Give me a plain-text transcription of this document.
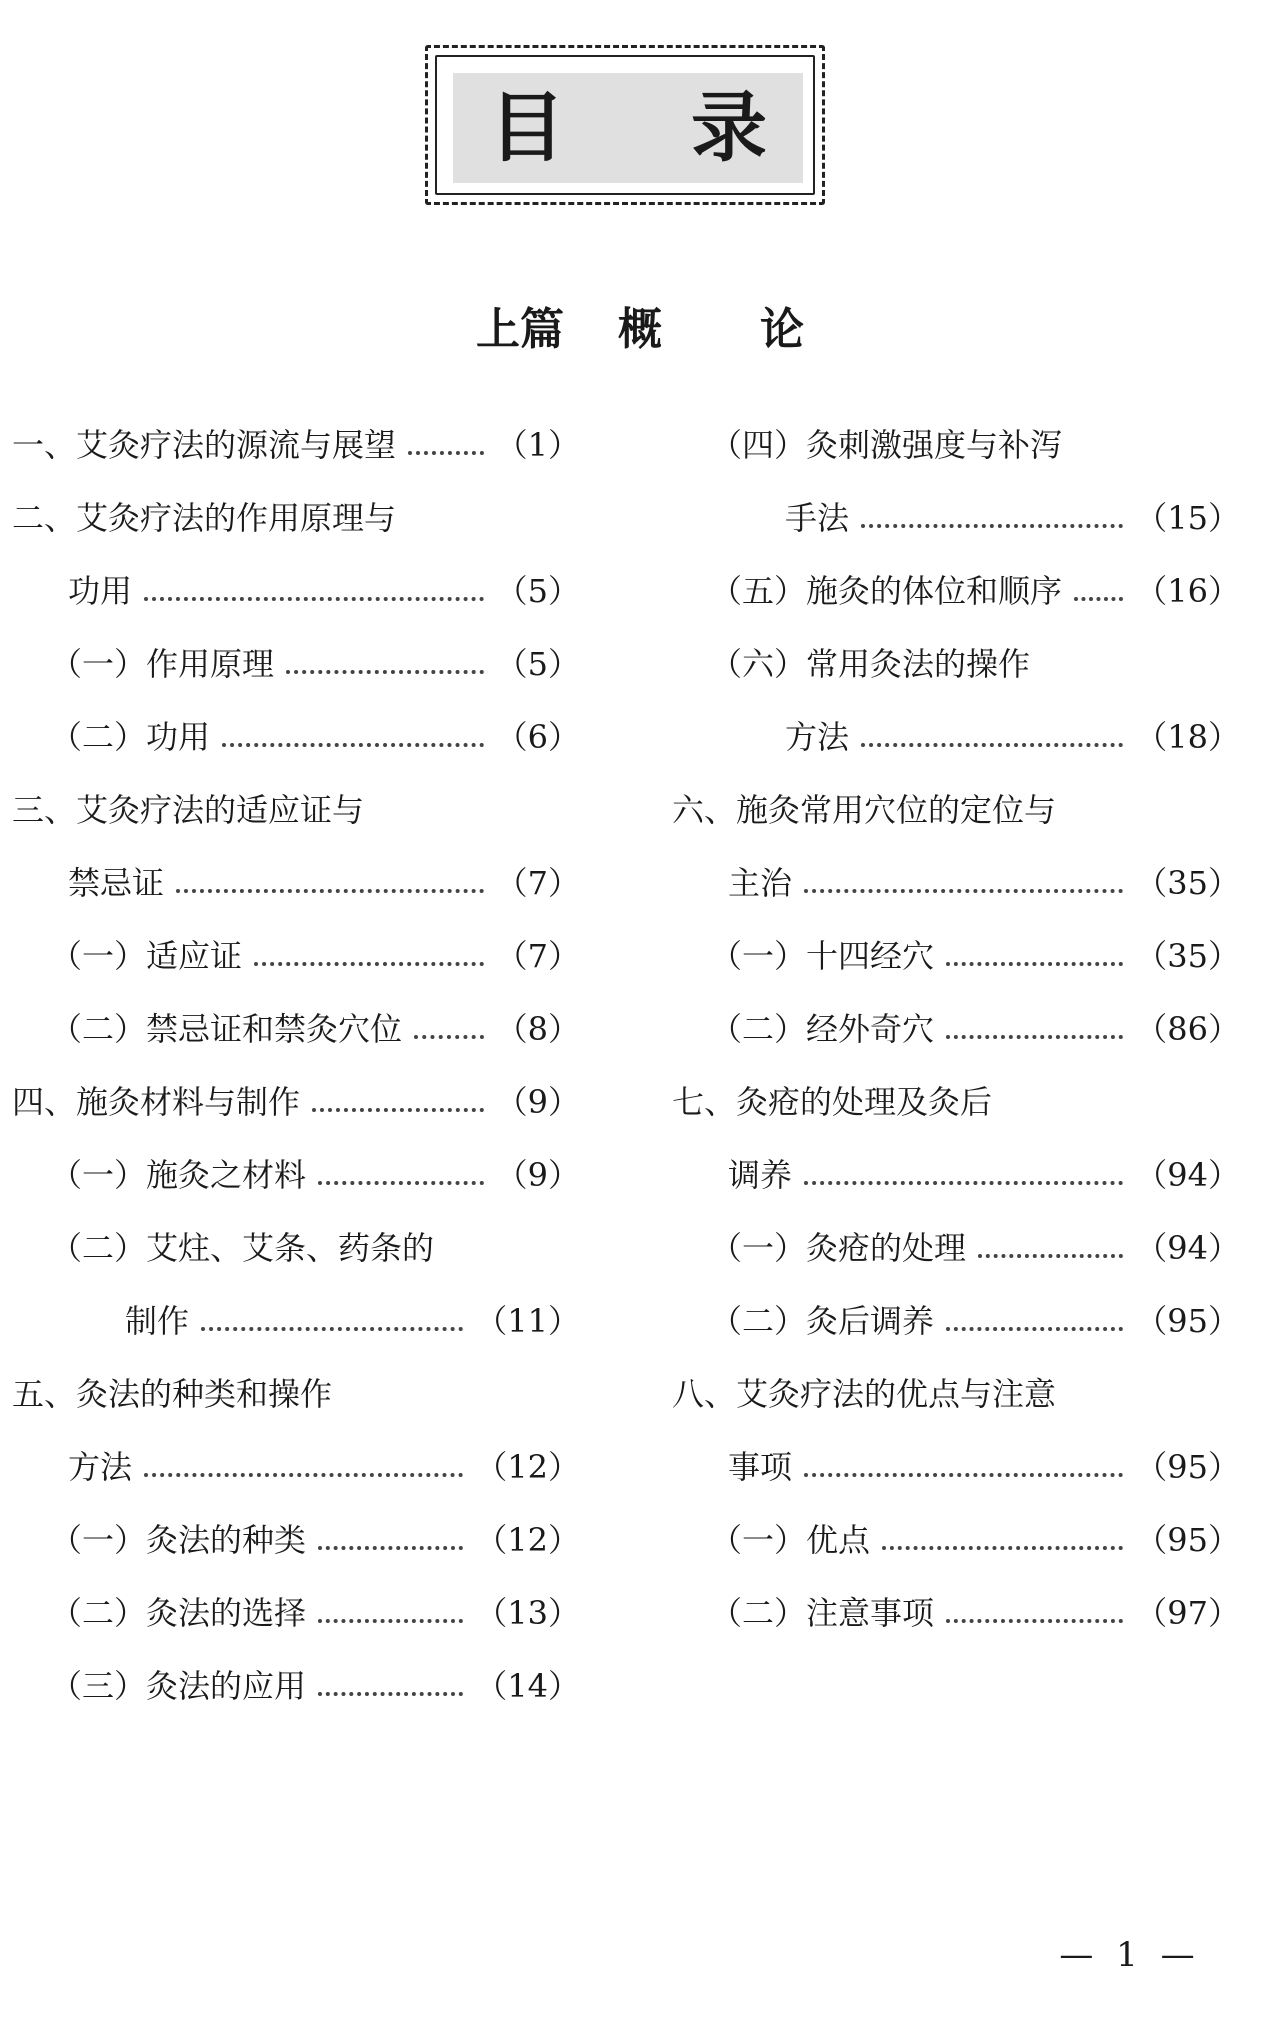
目 录
上篇 概 论
一、艾灸疗法的源流与展望	（1）
二、艾灸疗法的作用原理与
功用	（5）
（一）作用原理	（5）
（二）功用	（6）
三、艾灸疗法的适应证与
禁忌证	（7）
（一）适应证	（7）
（二）禁忌证和禁灸穴位	（8）
四、施灸材料与制作	（9）
（一）施灸之材料	（9）
（二）艾炷、艾条、药条的
制作	（11）
五、灸法的种类和操作
方法	（12）
（一）灸法的种类	（12）
（二）灸法的选择	（13）
（三）灸法的应用	（14）
（四）灸刺激强度与补泻
手法	（15）
（五）施灸的体位和顺序 （16）
（六）常用灸法的操作
方法	（18）
六、施灸常用穴位的定位与
主治	（35）
（一）十四经穴	（35）
（二）经外奇穴	（86）
七、灸疮的处理及灸后
调养	（94）
（一）灸疮的处理	（94）
（二）灸后调养	（95）
八、艾灸疗法的优点与注意
事项	（95）
（一）优点	（95）
（二）注意事项	（97）
— 1 —
